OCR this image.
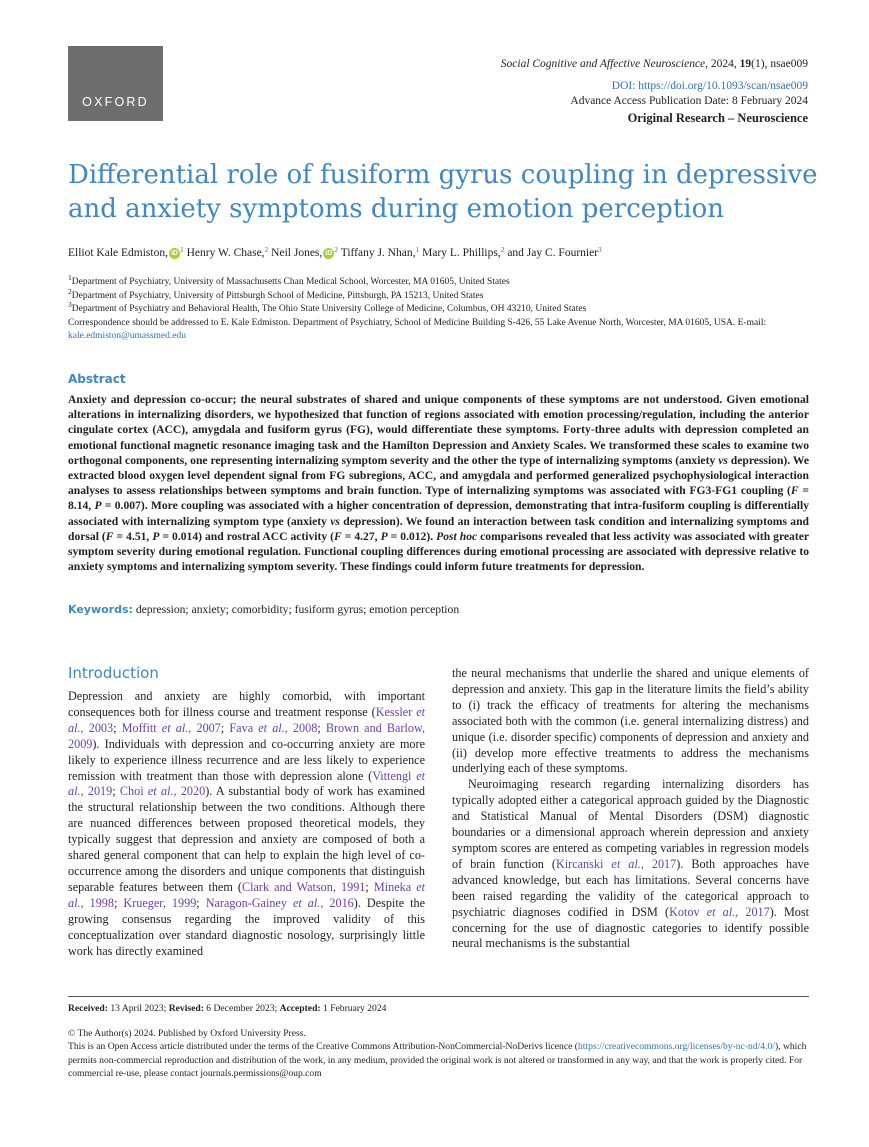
OXFORD
Social Cognitive and Affective Neuroscience, 2024, 19(1), nsae009
DOI: https://doi.org/10.1093/scan/nsae009
Advance Access Publication Date: 8 February 2024
Original Research – Neuroscience
Differential role of fusiform gyrus coupling in depressive and anxiety symptoms during emotion perception
Elliot Kale Edmiston, iD $^1$ Henry W. Chase,$^2$ Neil Jones, iD $^2$ Tiffany J. Nhan,$^1$ Mary L. Phillips,$^2$ and Jay C. Fournier$^3$
$^1$Department of Psychiatry, University of Massachusetts Chan Medical School, Worcester, MA 01605, United States
$^2$Department of Psychiatry, University of Pittsburgh School of Medicine, Pittsburgh, PA 15213, United States
$^3$Department of Psychiatry and Behavioral Health, The Ohio State University College of Medicine, Columbus, OH 43210, United States
Correspondence should be addressed to E. Kale Edmiston. Department of Psychiatry, School of Medicine Building S-426, 55 Lake Avenue North, Worcester, MA 01605, USA. E-mail: kale.edmiston@umassmed.edu
Abstract
Anxiety and depression co-occur; the neural substrates of shared and unique components of these symptoms are not understood. Given emotional alterations in internalizing disorders, we hypothesized that function of regions associated with emotion processing/regulation, including the anterior cingulate cortex (ACC), amygdala and fusiform gyrus (FG), would differentiate these symptoms. Forty-three adults with depression completed an emotional functional magnetic resonance imaging task and the Hamilton Depression and Anxiety Scales. We transformed these scales to examine two orthogonal components, one representing internalizing symptom severity and the other the type of internalizing symptoms (anxiety vs depression). We extracted blood oxygen level dependent signal from FG subregions, ACC, and amygdala and performed generalized psychophysiological interaction analyses to assess relationships between symptoms and brain function. Type of internalizing symptoms was associated with FG3-FG1 coupling (F = 8.14, P = 0.007). More coupling was associated with a higher concentration of depression, demonstrating that intra-fusiform coupling is differentially associated with internalizing symptom type (anxiety vs depression). We found an interaction between task condition and internalizing symptoms and dorsal (F = 4.51, P = 0.014) and rostral ACC activity (F = 4.27, P = 0.012). Post hoc comparisons revealed that less activity was associated with greater symptom severity during emotional regulation. Functional coupling differences during emotional processing are associated with depressive relative to anxiety symptoms and internalizing symptom severity. These findings could inform future treatments for depression.
Keywords: depression; anxiety; comorbidity; fusiform gyrus; emotion perception
Introduction

Depression and anxiety are highly comorbid, with important consequences both for illness course and treatment response (Kessler et al., 2003; Moffitt et al., 2007; Fava et al., 2008; Brown and Barlow, 2009). Individuals with depression and co-occurring anxiety are more likely to experience illness recurrence and are less likely to experience remission with treatment than those with depression alone (Vittengl et al., 2019; Choi et al., 2020). A substantial body of work has examined the structural relationship between the two conditions. Although there are nuanced differences between proposed theoretical models, they typically suggest that depression and anxiety are composed of both a shared general component that can help to explain the high level of co-occurrence among the disorders and unique components that distinguish separable features between them (Clark and Watson, 1991; Mineka et al., 1998; Krueger, 1999; Naragon-Gainey et al., 2016). Despite the growing consensus regarding the improved validity of this conceptualization over standard diagnostic nosology, surprisingly little work has directly examined

the neural mechanisms that underlie the shared and unique elements of depression and anxiety. This gap in the literature limits the field’s ability to (i) track the efficacy of treatments for altering the mechanisms associated both with the common (i.e. general internalizing distress) and unique (i.e. disorder specific) components of depression and anxiety and (ii) develop more effective treatments to address the mechanisms underlying each of these symptoms.

Neuroimaging research regarding internalizing disorders has typically adopted either a categorical approach guided by the Diagnostic and Statistical Manual of Mental Disorders (DSM) diagnostic boundaries or a dimensional approach wherein depression and anxiety symptom scores are entered as competing variables in regression models of brain function (Kircanski et al., 2017). Both approaches have advanced knowledge, but each has limitations. Several concerns have been raised regarding the validity of the categorical approach to psychiatric diagnoses codified in DSM (Kotov et al., 2017). Most concerning for the use of diagnostic categories to identify possible neural mechanisms is the substantial

Received: 13 April 2023; Revised: 6 December 2023; Accepted: 1 February 2024
© The Author(s) 2024. Published by Oxford University Press.
This is an Open Access article distributed under the terms of the Creative Commons Attribution-NonCommercial-NoDerivs licence (https://creativecommons.org/licenses/by-nc-nd/4.0/), which permits non-commercial reproduction and distribution of the work, in any medium, provided the original work is not altered or transformed in any way, and that the work is properly cited. For commercial re-use, please contact journals.permissions@oup.com
